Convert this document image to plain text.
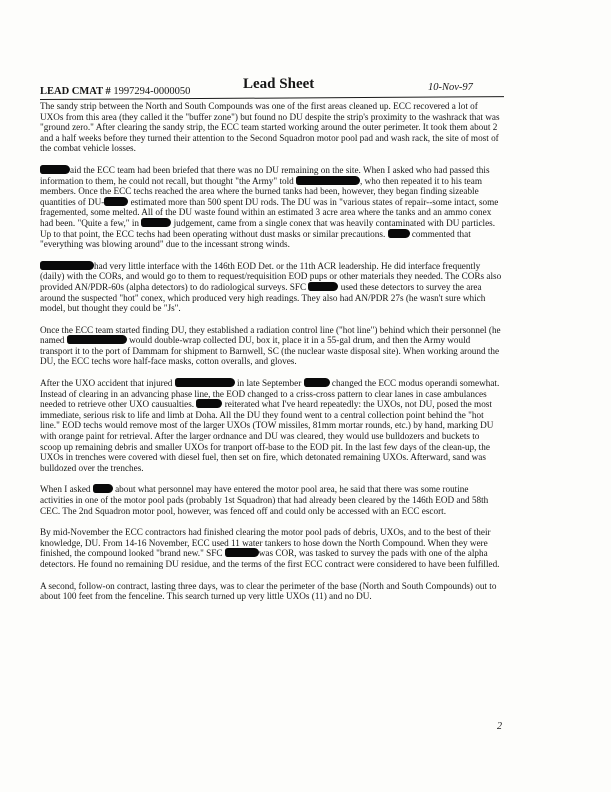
LEAD CMAT # 1997294-0000050	Lead Sheet	10-Nov-97

The sandy strip between the North and South Compounds was one of the first areas cleaned up. ECC recovered a lot of UXOs from this area (they called it the "buffer zone") but found no DU despite the strip's proximity to the washrack that was "ground zero." After clearing the sandy strip, the ECC team started working around the outer perimeter. It took them about 2 and a half weeks before they turned their attention to the Second Squadron motor pool pad and wash rack, the site of most of the combat vehicle losses.

aid the ECC team had been briefed that there was no DU remaining on the site. When I asked who had passed this information to them, he could not recall, but thought "the Army" told	, who then repeated it to his team members. Once the ECC techs reached the area where the burned tanks had been, however, they began finding sizeable quantities of DU-	estimated more than 500 spent DU rods. The DU was in "various states of repair--some intact, some fragemented, some melted. All of the DU waste found within an estimated 3 acre area where the tanks and an ammo conex had been. "Quite a few," in	judgement, came from a single conex that was heavily contaminated with DU particles. Up to that point, the ECC techs had been operating without dust masks or similar precautions.  commented that "everything was blowing around" due to the incessant strong winds.

had very little interface with the 146th EOD Det. or the 11th ACR leadership. He did interface frequently (daily) with the CORs, and would go to them to request/requisition EOD pups or other materials they needed. The CORs also provided AN/PDR-60s (alpha detectors) to do radiological surveys. SFC	used these detectors to survey the area around the suspected "hot" conex, which produced very high readings. They also had AN/PDR 27s (he wasn't sure which model, but thought they could be "Js".

Once the ECC team started finding DU, they established a radiation control line ("hot line") behind which their personnel (he named	would double-wrap collected DU, box it, place it in a 55-gal drum, and then the Army would transport it to the port of Dammam for shipment to Barnwell, SC (the nuclear waste disposal site). When working around the DU, the ECC techs wore half-face masks, cotton overalls, and gloves.

After the UXO accident that injured	in late September	changed the ECC modus operandi somewhat. Instead of clearing in an advancing phase line, the EOD changed to a criss-cross pattern to clear lanes in case ambulances needed to retrieve other UXO causualties.	reiterated what I've heard repeatedly: the UXOs, not DU, posed the most immediate, serious risk to life and limb at Doha. All the DU they found went to a central collection point behind the "hot line." EOD techs would remove most of the larger UXOs (TOW missiles, 81mm mortar rounds, etc.) by hand, marking DU with orange paint for retrieval. After the larger ordnance and DU was cleared, they would use bulldozers and buckets to scoop up remaining debris and smaller UXOs for tranport off-base to the EOD pit. In the last few days of the clean-up, the UXOs in trenches were covered with diesel fuel, then set on fire, which detonated remaining UXOs. Afterward, sand was bulldozed over the trenches.

When I asked  about what personnel may have entered the motor pool area, he said that there was some routine activities in one of the motor pool pads (probably 1st Squadron) that had already been cleared by the 146th EOD and 58th CEC. The 2nd Squadron motor pool, however, was fenced off and could only be accessed with an ECC escort.

By mid-November the ECC contractors had finished clearing the motor pool pads of debris, UXOs, and to the best of their knowledge, DU. From 14-16 November, ECC used 11 water tankers to hose down the North Compound. When they were finished, the compound looked "brand new." SFC	was COR, was tasked to survey the pads with one of the alpha detectors. He found no remaining DU residue, and the terms of the first ECC contract were considered to have been fulfilled.

A second, follow-on contract, lasting three days, was to clear the perimeter of the base (North and South Compounds) out to about 100 feet from the fenceline. This search turned up very little UXOs (11) and no DU.

2
